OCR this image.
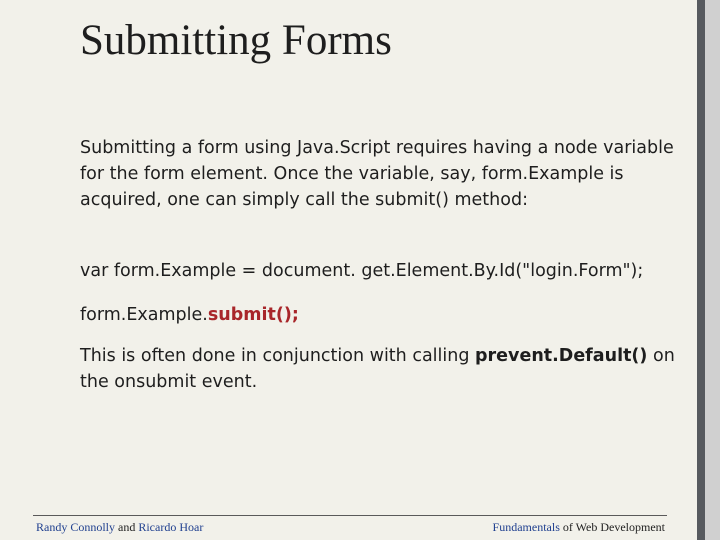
Submitting Forms

Submitting a form using Java.Script requires having a node variable for the form element. Once the variable, say, form.Example is acquired, one can simply call the submit() method:

var form.Example = document. get.Element.By.Id("login.Form");

form.Example.submit();

This is often done in conjunction with calling prevent.Default() on the onsubmit event.

Randy Connolly and Ricardo Hoar	Fundamentals of Web Development
